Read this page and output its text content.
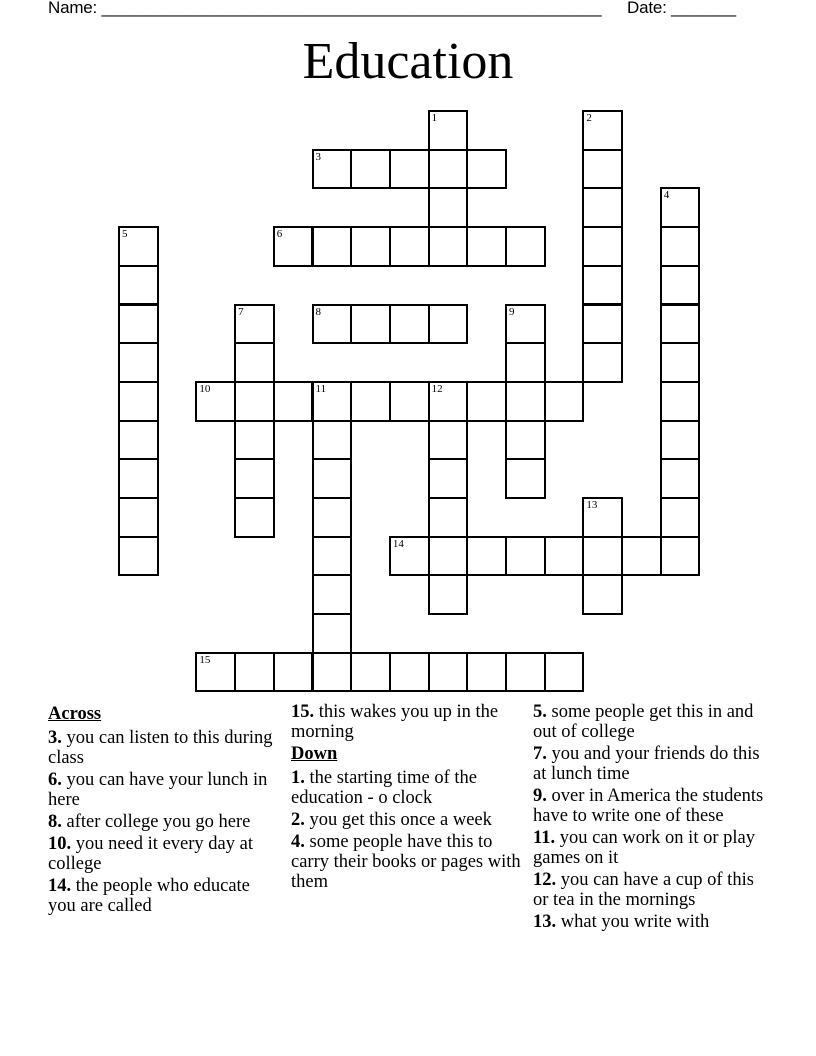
Name: ______________________________________________________ Date: _______
Education
1	2
3
4
5	6
7	8	9
10	11	12
13
14
15
Across
3. you can listen to this during class
6. you can have your lunch in here
8. after college you go here
10. you need it every day at college
14. the people who educate you are called
15. this wakes you up in the morning
Down
1. the starting time of the education - o clock
2. you get this once a week
4. some people have this to carry their books or pages with them
5. some people get this in and out of college
7. you and your friends do this at lunch time
9. over in America the students have to write one of these
11. you can work on it or play games on it
12. you can have a cup of this or tea in the mornings
13. what you write with
